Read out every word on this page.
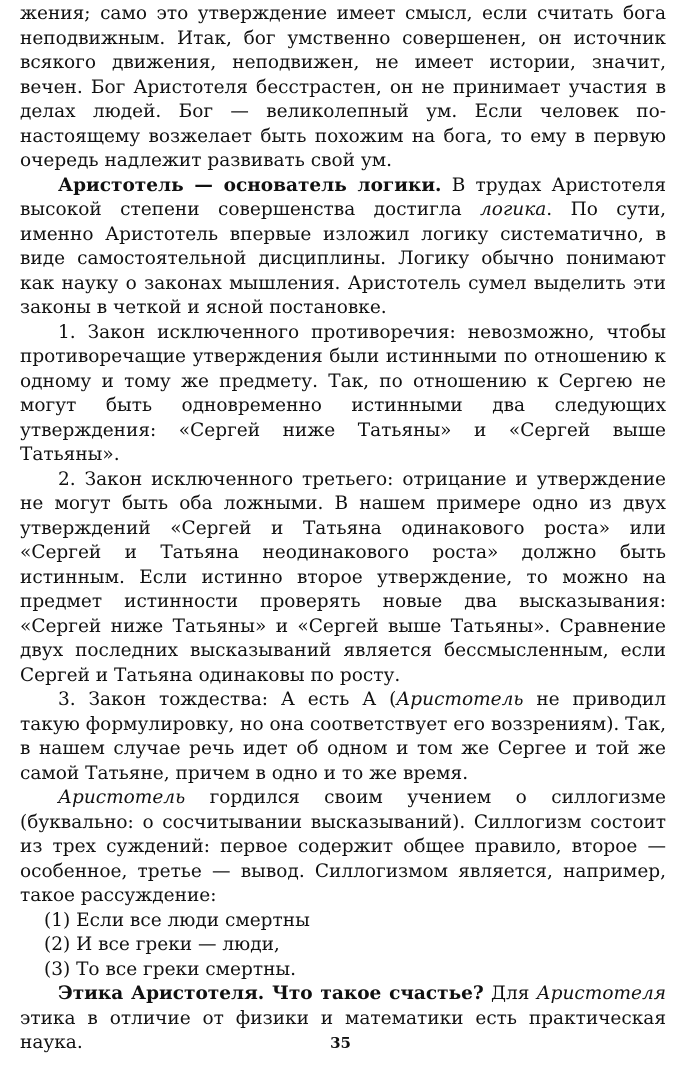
жения; само это утверждение имеет смысл, если считать бога неподвижным. Итак, бог умственно совершенен, он источник всякого движения, неподвижен, не имеет истории, значит, вечен. Бог Аристотеля бесстрастен, он не принимает участия в делах людей. Бог — великолепный ум. Если человек по-настоящему возжелает быть похожим на бога, то ему в первую очередь надлежит развивать свой ум.

Аристотель — основатель логики. В трудах Аристотеля высокой степени совершенства достигла логика. По сути, именно Аристотель впервые изложил логику систематично, в виде самостоятельной дисциплины. Логику обычно понимают как науку о законах мышления. Аристотель сумел выделить эти законы в четкой и ясной постановке.

1. Закон исключенного противоречия: невозможно, чтобы противоречащие утверждения были истинными по отношению к одному и тому же предмету. Так, по отношению к Сергею не могут быть одновременно истинными два следующих утверждения: «Сергей ниже Татьяны» и «Сергей выше Татьяны».

2. Закон исключенного третьего: отрицание и утверждение не могут быть оба ложными. В нашем примере одно из двух утверждений «Сергей и Татьяна одинакового роста» или «Сергей и Татьяна неодинакового роста» должно быть истинным. Если истинно второе утверждение, то можно на предмет истинности проверять новые два высказывания: «Сергей ниже Татьяны» и «Сергей выше Татьяны». Сравнение двух последних высказываний является бессмысленным, если Сергей и Татьяна одинаковы по росту.

3. Закон тождества: А есть А (Аристотель не приводил такую формулировку, но она соответствует его воззрениям). Так, в нашем случае речь идет об одном и том же Сергее и той же самой Татьяне, причем в одно и то же время.

Аристотель гордился своим учением о силлогизме (буквально: о сосчитывании высказываний). Силлогизм состоит из трех суждений: первое содержит общее правило, второе — особенное, третье — вывод. Силлогизмом является, например, такое рассуждение:

(1) Если все люди смертны

(2) И все греки — люди,

(3) То все греки смертны.

Этика Аристотеля. Что такое счастье? Для Аристотеля этика в отличие от физики и математики есть практическая наука.	35
